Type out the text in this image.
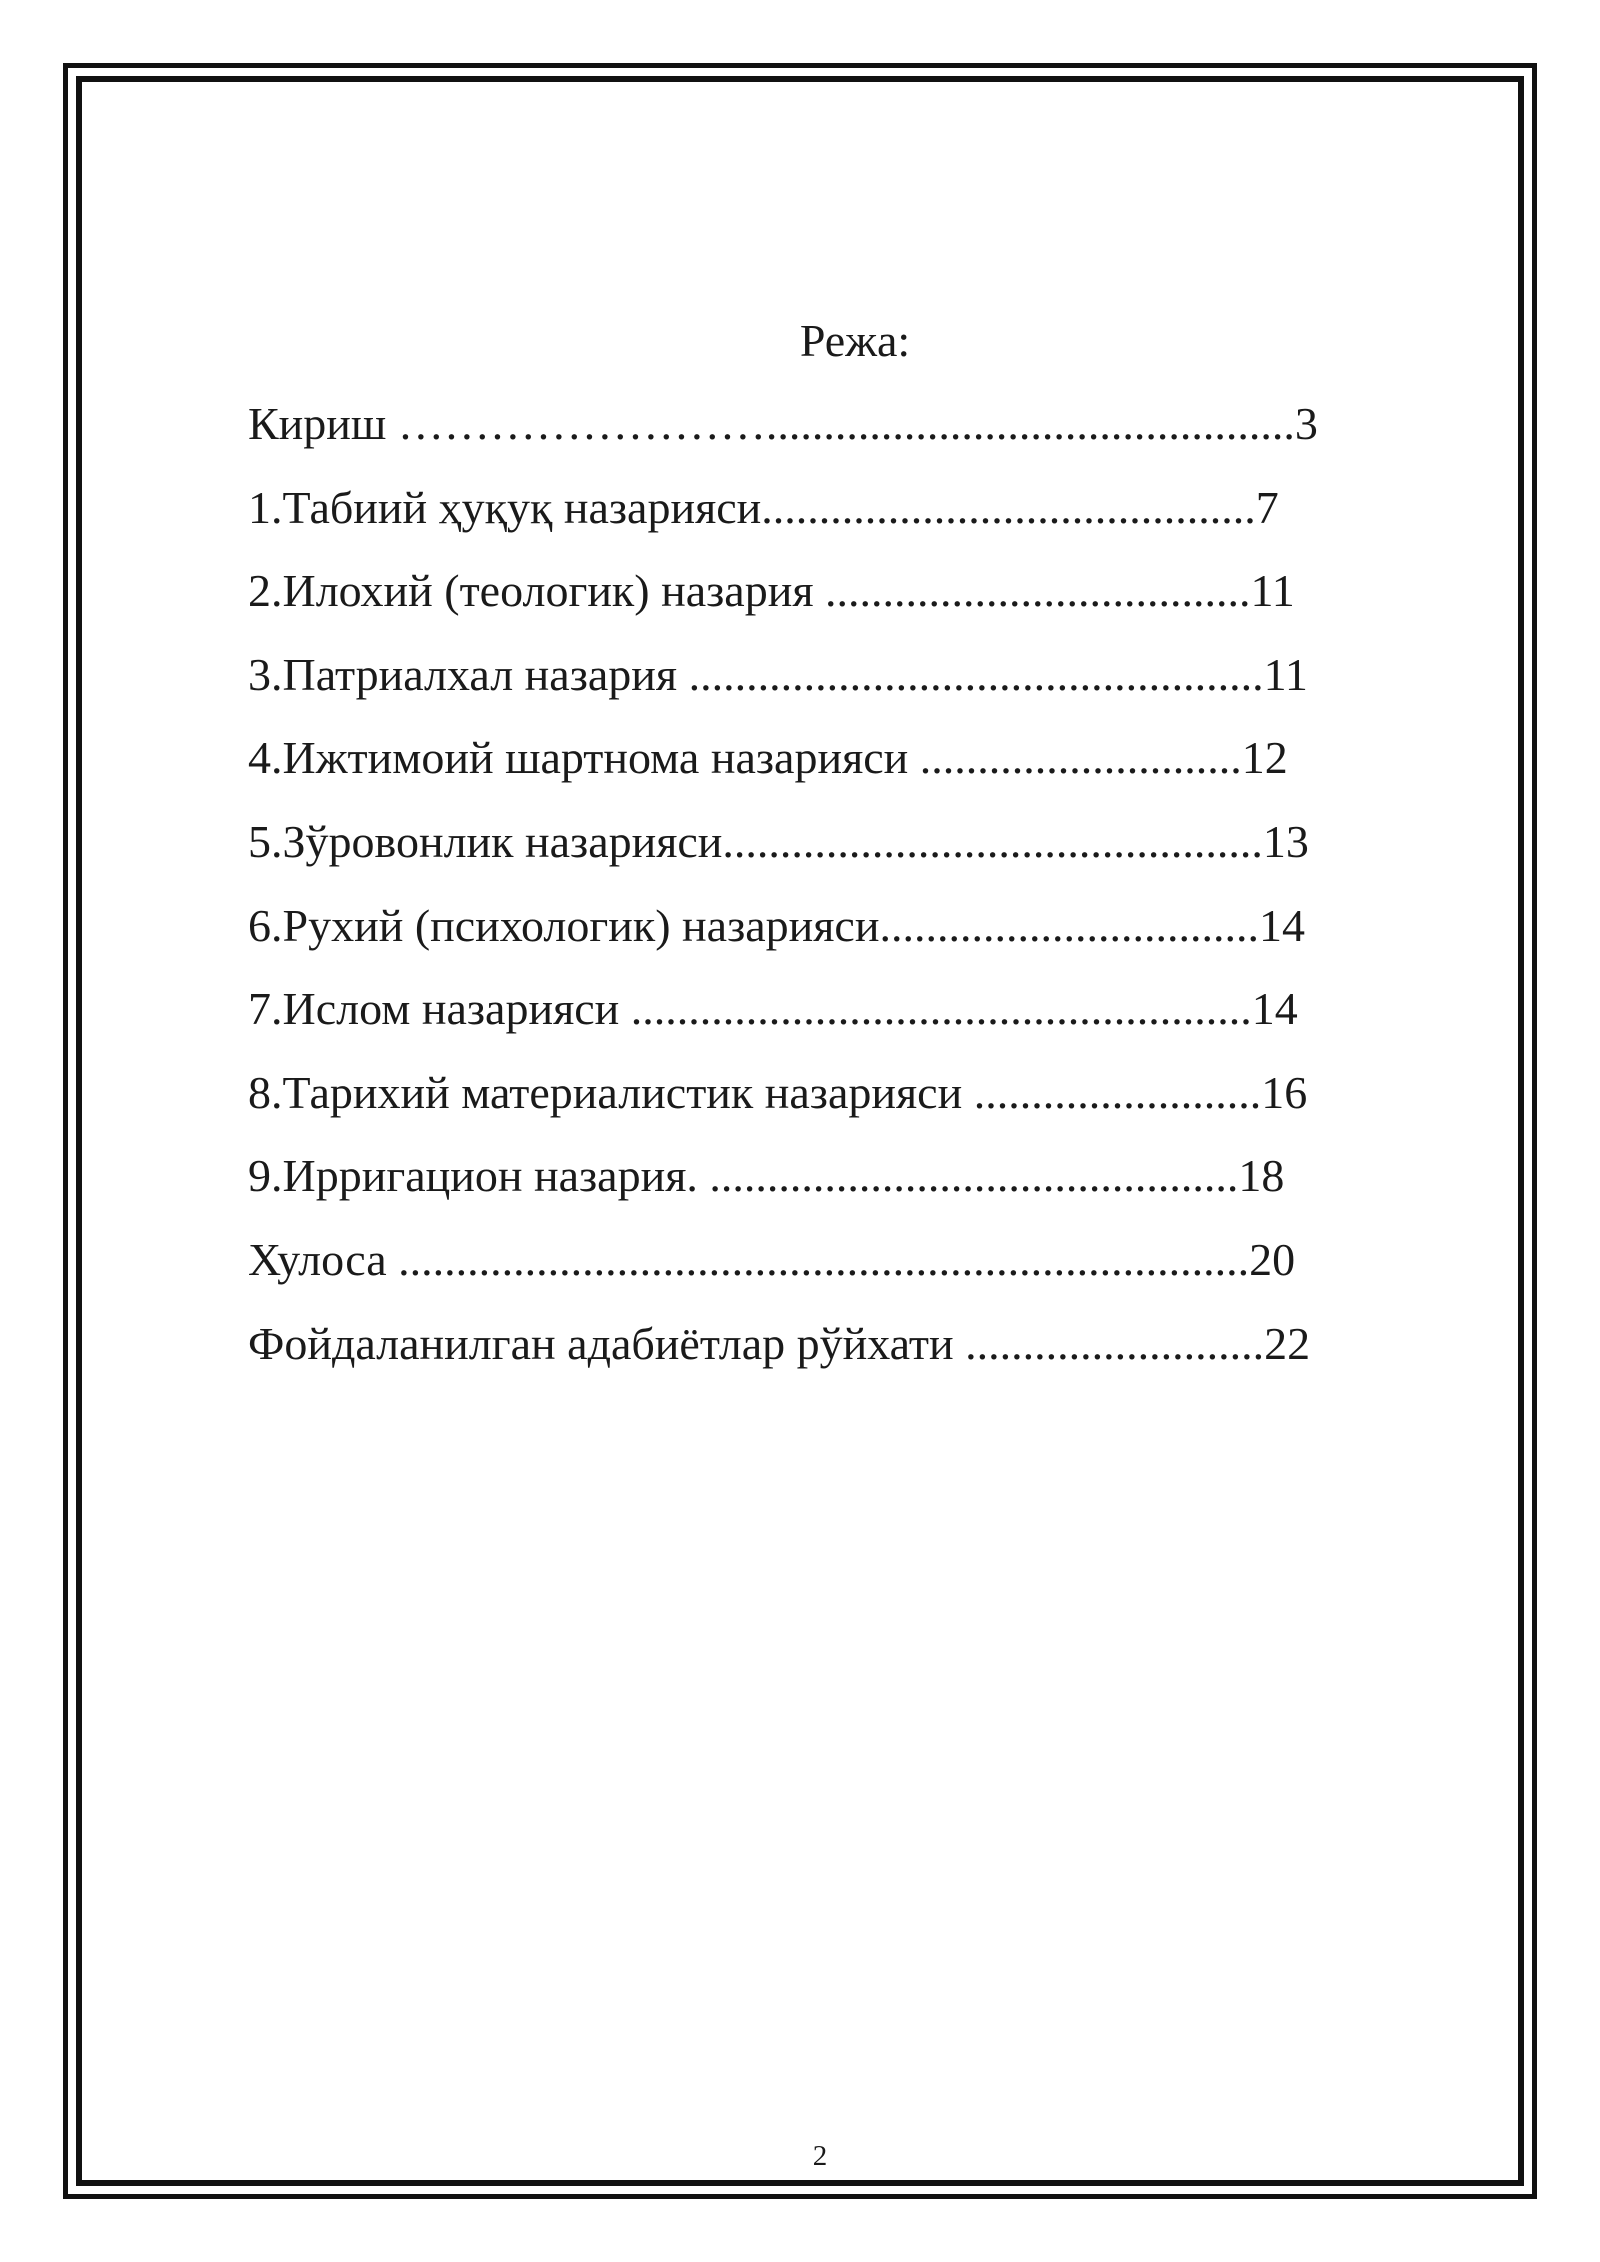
Режа:
Кириш ……………………..............................................3
1.Табиий ҳуқуқ назарияси...........................................7
2.Илохий (теологик) назария .....................................11
3.Патриалхал назария ..................................................11
4.Ижтимоий шартнома назарияси ............................12
5.Зўровонлик назарияси...............................................13
6.Рухий (психологик) назарияси.................................14
7.Ислом назарияси ......................................................14
8.Тарихий материалистик назарияси .........................16
9.Ирригацион назария. ..............................................18
Хулоса ..........................................................................20
Фойдаланилган адабиётлар рўйхати ..........................22
2
